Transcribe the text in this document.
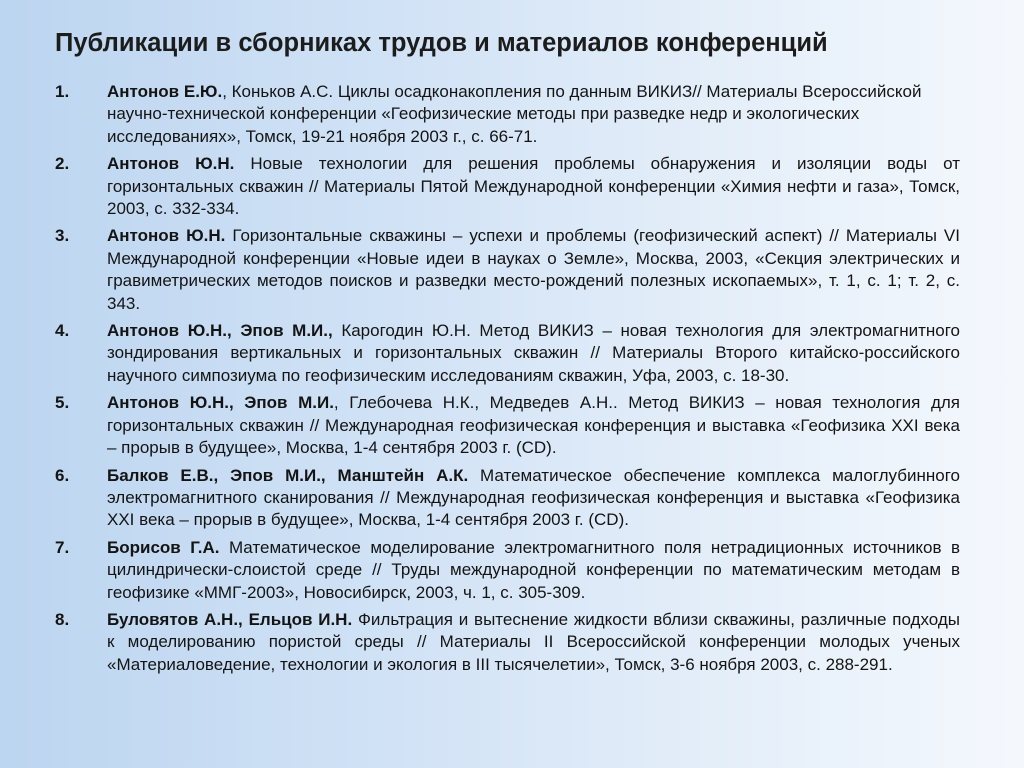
Публикации в сборниках трудов и материалов конференций
1. Антонов Е.Ю., Коньков А.С. Циклы осадконакопления по данным ВИКИЗ// Материалы Всероссийской научно-технической конференции «Геофизические методы при разведке недр и экологических исследованиях», Томск, 19-21 ноября 2003 г., с. 66-71.

2. Антонов Ю.Н. Новые технологии для решения проблемы обнаружения и изоляции воды от горизонтальных скважин // Материалы Пятой Международной конференции «Химия нефти и газа», Томск, 2003, с. 332-334.

3. Антонов Ю.Н. Горизонтальные скважины – успехи и проблемы (геофизический аспект) // Материалы VI Международной конференции «Новые идеи в науках о Земле», Москва, 2003, «Секция электрических и гравиметрических методов поисков и разведки место-рождений полезных ископаемых», т. 1, с. 1; т. 2, с. 343.

4. Антонов Ю.Н., Эпов М.И., Карогодин Ю.Н. Метод ВИКИЗ – новая технология для электромагнитного зондирования вертикальных и горизонтальных скважин // Материалы Второго китайско-российского научного симпозиума по геофизическим исследованиям скважин, Уфа, 2003, с. 18-30.

5. Антонов Ю.Н., Эпов М.И., Глебочева Н.К., Медведев А.Н.. Метод ВИКИЗ – новая технология для горизонтальных скважин // Международная геофизическая конференция и выставка «Геофизика XXI века – прорыв в будущее», Москва, 1-4 сентября 2003 г. (CD).

6. Балков Е.В., Эпов М.И., Манштейн А.К. Математическое обеспечение комплекса малоглубинного электромагнитного сканирования // Международная геофизическая конференция и выставка «Геофизика XXI века – прорыв в будущее», Москва, 1-4 сентября 2003 г. (CD).

7. Борисов Г.А. Математическое моделирование электромагнитного поля нетрадиционных источников в цилиндрически-слоистой среде // Труды международной конференции по математическим методам в геофизике «ММГ-2003», Новосибирск, 2003, ч. 1, с. 305-309.

8. Буловятов А.Н., Ельцов И.Н. Фильтрация и вытеснение жидкости вблизи скважины, различные подходы к моделированию пористой среды // Материалы II Всероссийской конференции молодых ученых «Материаловедение, технологии и экология в III тысячелетии», Томск, 3-6 ноября 2003, с. 288-291.
